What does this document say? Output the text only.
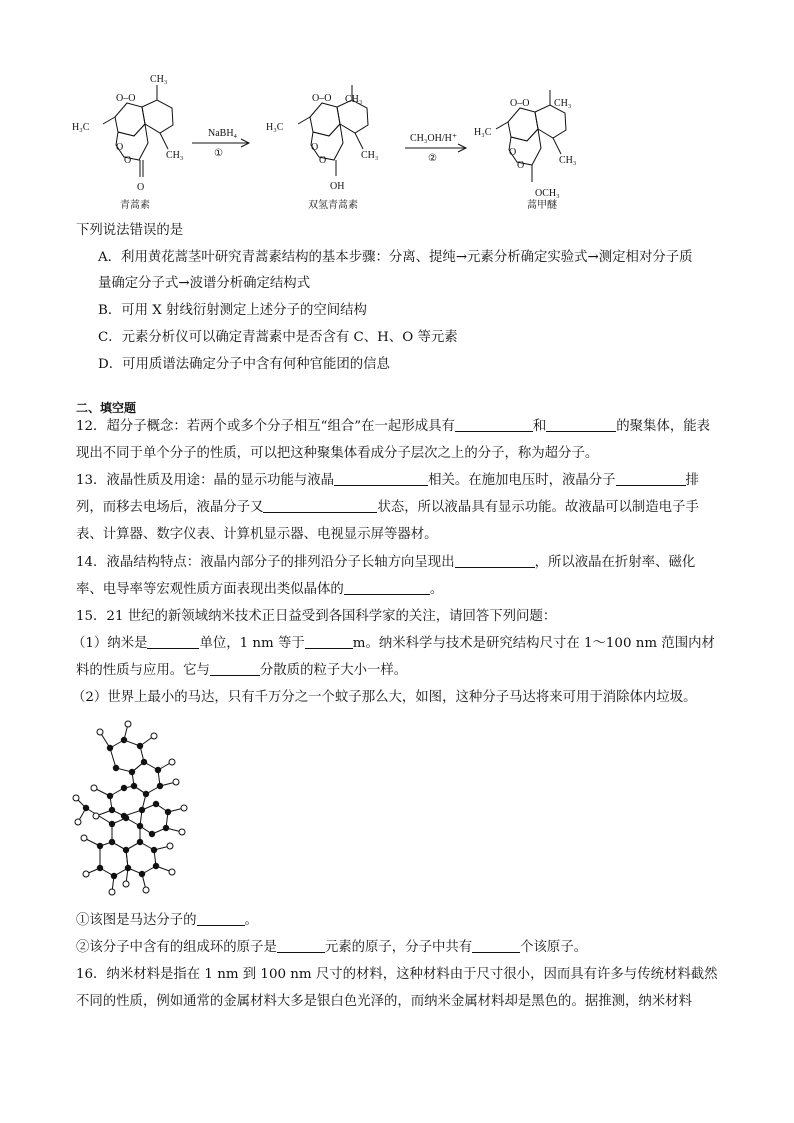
CH₃
H₃C
O–O
O
O	CH₃
O
CH₃
H₃C
O–O
O
O	CH₃
OH
CH₃
H₃C
O–O
O
O	CH₃
OCH₃
NaBH₄
①
CH₃OH/H⁺
②
青蒿素	双氢青蒿素	蒿甲醚
下列说法错误的是
A．利用黄花蒿茎叶研究青蒿素结构的基本步骤：分离、提纯→元素分析确定实验式→测定相对分子质
量确定分子式→波谱分析确定结构式
B．可用 X 射线衍射测定上述分子的空间结构
C．元素分析仪可以确定青蒿素中是否含有 C、H、O 等元素
D．可用质谱法确定分子中含有何种官能团的信息
二、填空题
12．超分子概念：若两个或多个分子相互“组合”在一起形成具有	和	的聚集体，能表
现出不同于单个分子的性质，可以把这种聚集体看成分子层次之上的分子，称为超分子。
13．液晶性质及用途：晶的显示功能与液晶	相关。在施加电压时，液晶分子	排
列，而移去电场后，液晶分子又	状态，所以液晶具有显示功能。故液晶可以制造电子手
表、计算器、数字仪表、计算机显示器、电视显示屏等器材。
14．液晶结构特点：液晶内部分子的排列沿分子长轴方向呈现出	，所以液晶在折射率、磁化
率、电导率等宏观性质方面表现出类似晶体的	。
15．21 世纪的新领域纳米技术正日益受到各国科学家的关注，请回答下列问题：
（1）纳米是	单位，1 nm 等于	m。纳米科学与技术是研究结构尺寸在 1～100 nm 范围内材
料的性质与应用。它与	分散质的粒子大小一样。
（2）世界上最小的马达，只有千万分之一个蚊子那么大，如图，这种分子马达将来可用于消除体内垃圾。
①该图是马达分子的	。
②该分子中含有的组成环的原子是	元素的原子，分子中共有	个该原子。
16．纳米材料是指在 1 nm 到 100 nm 尺寸的材料，这种材料由于尺寸很小，因而具有许多与传统材料截然
不同的性质，例如通常的金属材料大多是银白色光泽的，而纳米金属材料却是黑色的。据推测，纳米材料
